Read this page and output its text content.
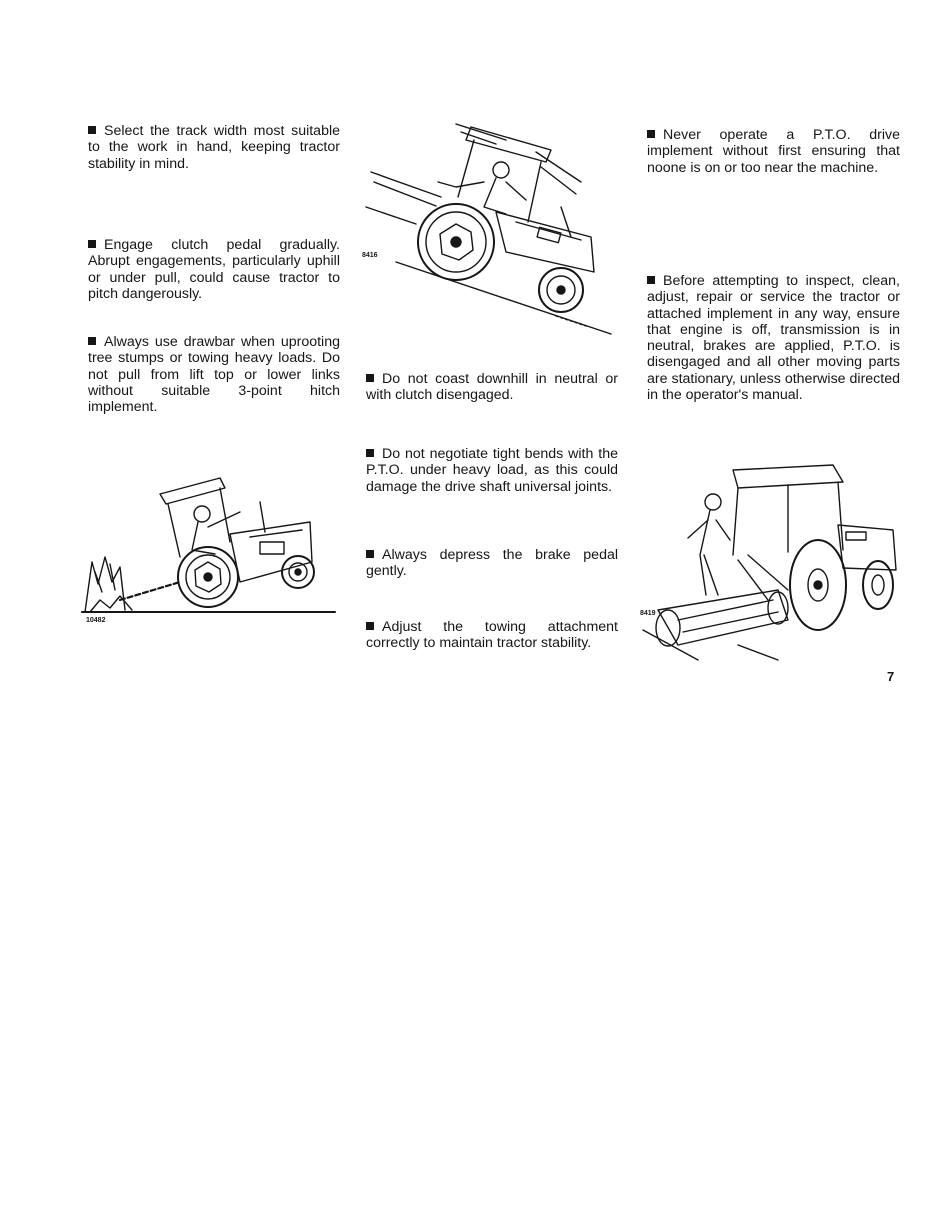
Select the track width most suitable to the work in hand, keeping tractor stability in mind.

Engage clutch pedal gradually. Abrupt engagements, particularly uphill or under pull, could cause tractor to pitch dangerously.

Always use drawbar when uprooting tree stumps or towing heavy loads. Do not pull from lift top or lower links without suitable 3-point hitch implement.

Do not coast downhill in neutral or with clutch disengaged.

Do not negotiate tight bends with the P.T.O. under heavy load, as this could damage the drive shaft universal joints.

Always depress the brake pedal gently.

Adjust the towing attachment correctly to maintain tractor stability.

Never operate a P.T.O. drive implement without first ensuring that noone is on or too near the machine.

Before attempting to inspect, clean, adjust, repair or service the tractor or attached implement in any way, ensure that engine is off, transmission is in neutral, brakes are applied, P.T.O. is disengaged and all other moving parts are stationary, unless otherwise directed in the operator's manual.

8416
10482
8419
7
